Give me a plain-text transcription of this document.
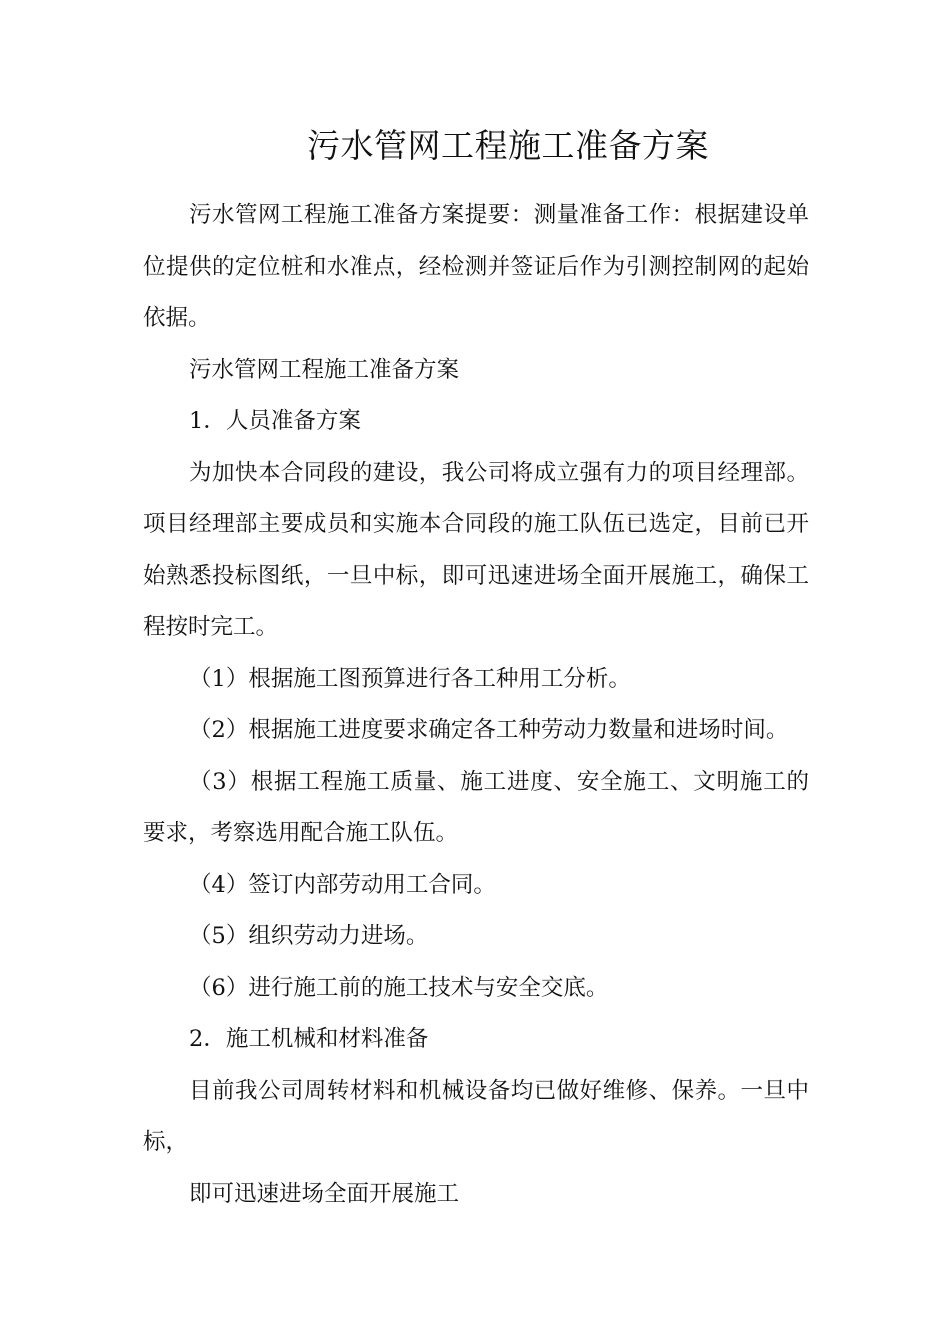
污水管网工程施工准备方案

污水管网工程施工准备方案提要：测量准备工作：根据建设单位提供的定位桩和水准点，经检测并签证后作为引测控制网的起始依据。

污水管网工程施工准备方案

1．人员准备方案

为加快本合同段的建设，我公司将成立强有力的项目经理部。项目经理部主要成员和实施本合同段的施工队伍已选定，目前已开始熟悉投标图纸，一旦中标，即可迅速进场全面开展施工，确保工程按时完工。

（1）根据施工图预算进行各工种用工分析。

（2）根据施工进度要求确定各工种劳动力数量和进场时间。

（3）根据工程施工质量、施工进度、安全施工、文明施工的要求，考察选用配合施工队伍。

（4）签订内部劳动用工合同。

（5）组织劳动力进场。

（6）进行施工前的施工技术与安全交底。

2．施工机械和材料准备

目前我公司周转材料和机械设备均已做好维修、保养。一旦中标，

即可迅速进场全面开展施工
